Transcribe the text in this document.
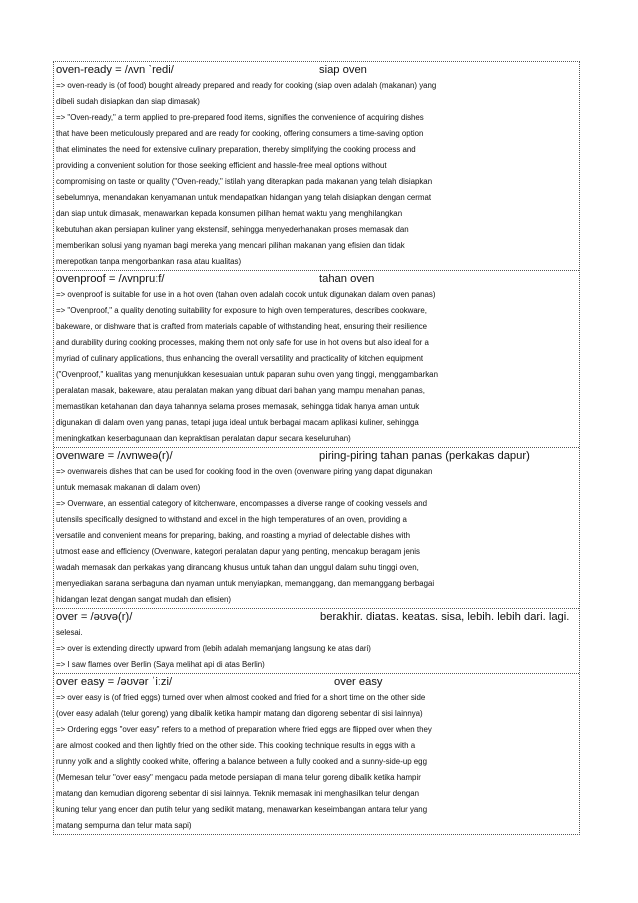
oven-ready = /ʌvn ˋredi/	siap oven
=> oven-ready is (of food) bought already prepared and ready for cooking (siap oven adalah (makanan) yang
dibeli sudah disiapkan dan siap dimasak)
=> "Oven-ready," a term applied to pre-prepared food items, signifies the convenience of acquiring dishes
that have been meticulously prepared and are ready for cooking, offering consumers a time-saving option
that eliminates the need for extensive culinary preparation, thereby simplifying the cooking process and
providing a convenient solution for those seeking efficient and hassle-free meal options without
compromising on taste or quality ("Oven-ready," istilah yang diterapkan pada makanan yang telah disiapkan
sebelumnya, menandakan kenyamanan untuk mendapatkan hidangan yang telah disiapkan dengan cermat
dan siap untuk dimasak, menawarkan kepada konsumen pilihan hemat waktu yang menghilangkan
kebutuhan akan persiapan kuliner yang ekstensif, sehingga menyederhanakan proses memasak dan
memberikan solusi yang nyaman bagi mereka yang mencari pilihan makanan yang efisien dan tidak
merepotkan tanpa mengorbankan rasa atau kualitas)
ovenproof = /ʌvnpruːf/	tahan oven
=> ovenproof is suitable for use in a hot oven (tahan oven adalah cocok untuk digunakan dalam oven panas)
=> "Ovenproof," a quality denoting suitability for exposure to high oven temperatures, describes cookware,
bakeware, or dishware that is crafted from materials capable of withstanding heat, ensuring their resilience
and durability during cooking processes, making them not only safe for use in hot ovens but also ideal for a
myriad of culinary applications, thus enhancing the overall versatility and practicality of kitchen equipment
("Ovenproof," kualitas yang menunjukkan kesesuaian untuk paparan suhu oven yang tinggi, menggambarkan
peralatan masak, bakeware, atau peralatan makan yang dibuat dari bahan yang mampu menahan panas,
memastikan ketahanan dan daya tahannya selama proses memasak, sehingga tidak hanya aman untuk
digunakan di dalam oven yang panas, tetapi juga ideal untuk berbagai macam aplikasi kuliner, sehingga
meningkatkan keserbagunaan dan kepraktisan peralatan dapur secara keseluruhan)
ovenware = /ʌvnweə(r)/	piring-piring tahan panas (perkakas dapur)
=> ovenwareis dishes that can be used for cooking food in the oven (ovenware piring yang dapat digunakan
untuk memasak makanan di dalam oven)
=> Ovenware, an essential category of kitchenware, encompasses a diverse range of cooking vessels and
utensils specifically designed to withstand and excel in the high temperatures of an oven, providing a
versatile and convenient means for preparing, baking, and roasting a myriad of delectable dishes with
utmost ease and efficiency (Ovenware, kategori peralatan dapur yang penting, mencakup beragam jenis
wadah memasak dan perkakas yang dirancang khusus untuk tahan dan unggul dalam suhu tinggi oven,
menyediakan sarana serbaguna dan nyaman untuk menyiapkan, memanggang, dan memanggang berbagai
hidangan lezat dengan sangat mudah dan efisien)
over = /əʊvə(r)/	berakhir. diatas. keatas. sisa, lebih. lebih dari. lagi.
selesai.
=> over is extending directly upward from (lebih adalah memanjang langsung ke atas dari)
=> I saw flames over Berlin (Saya melihat api di atas Berlin)
over easy = /əʊvər ˈiːzi/	over easy
=> over easy is (of fried eggs) turned over when almost cooked and fried for a short time on the other side
(over easy adalah (telur goreng) yang dibalik ketika hampir matang dan digoreng sebentar di sisi lainnya)
=> Ordering eggs "over easy" refers to a method of preparation where fried eggs are flipped over when they
are almost cooked and then lightly fried on the other side. This cooking technique results in eggs with a
runny yolk and a slightly cooked white, offering a balance between a fully cooked and a sunny-side-up egg
(Memesan telur "over easy" mengacu pada metode persiapan di mana telur goreng dibalik ketika hampir
matang dan kemudian digoreng sebentar di sisi lainnya. Teknik memasak ini menghasilkan telur dengan
kuning telur yang encer dan putih telur yang sedikit matang, menawarkan keseimbangan antara telur yang
matang sempurna dan telur mata sapi)
